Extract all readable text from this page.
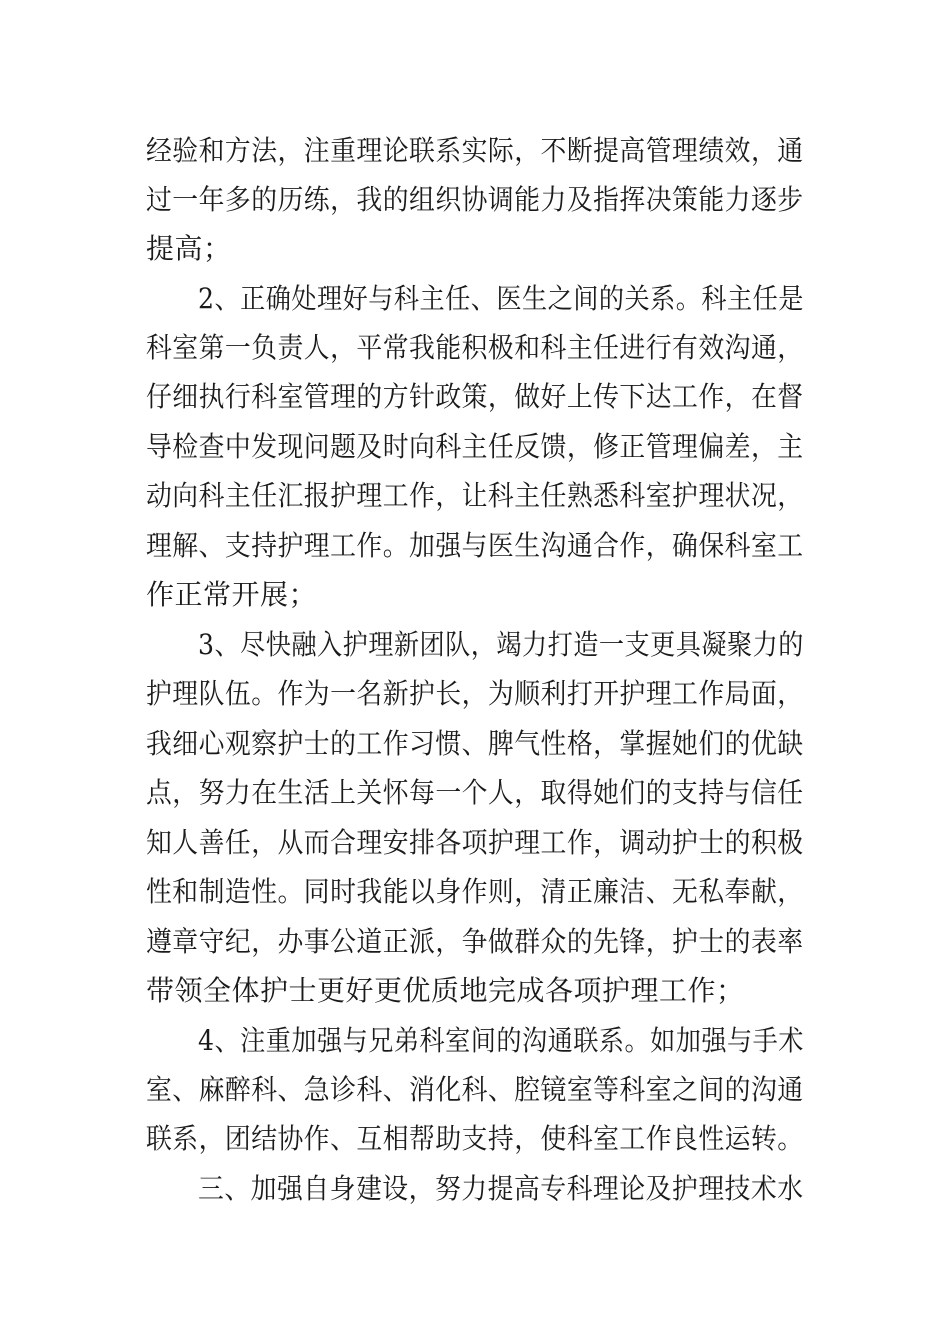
经验和方法，注重理论联系实际，不断提高管理绩效，通
过一年多的历练，我的组织协调能力及指挥决策能力逐步
提高；
2、正确处理好与科主任、医生之间的关系。科主任是
科室第一负责人，平常我能积极和科主任进行有效沟通，
仔细执行科室管理的方针政策，做好上传下达工作，在督
导检查中发现问题及时向科主任反馈，修正管理偏差，主
动向科主任汇报护理工作，让科主任熟悉科室护理状况，
理解、支持护理工作。加强与医生沟通合作，确保科室工
作正常开展；
3、尽快融入护理新团队，竭力打造一支更具凝聚力的
护理队伍。作为一名新护长，为顺利打开护理工作局面，
我细心观察护士的工作习惯、脾气性格，掌握她们的优缺
点，努力在生活上关怀每一个人，取得她们的支持与信任
知人善任，从而合理安排各项护理工作，调动护士的积极
性和制造性。同时我能以身作则，清正廉洁、无私奉献，
遵章守纪，办事公道正派，争做群众的先锋，护士的表率
带领全体护士更好更优质地完成各项护理工作；
4、注重加强与兄弟科室间的沟通联系。如加强与手术
室、麻醉科、急诊科、消化科、腔镜室等科室之间的沟通
联系，团结协作、互相帮助支持，使科室工作良性运转。
三、加强自身建设，努力提高专科理论及护理技术水
